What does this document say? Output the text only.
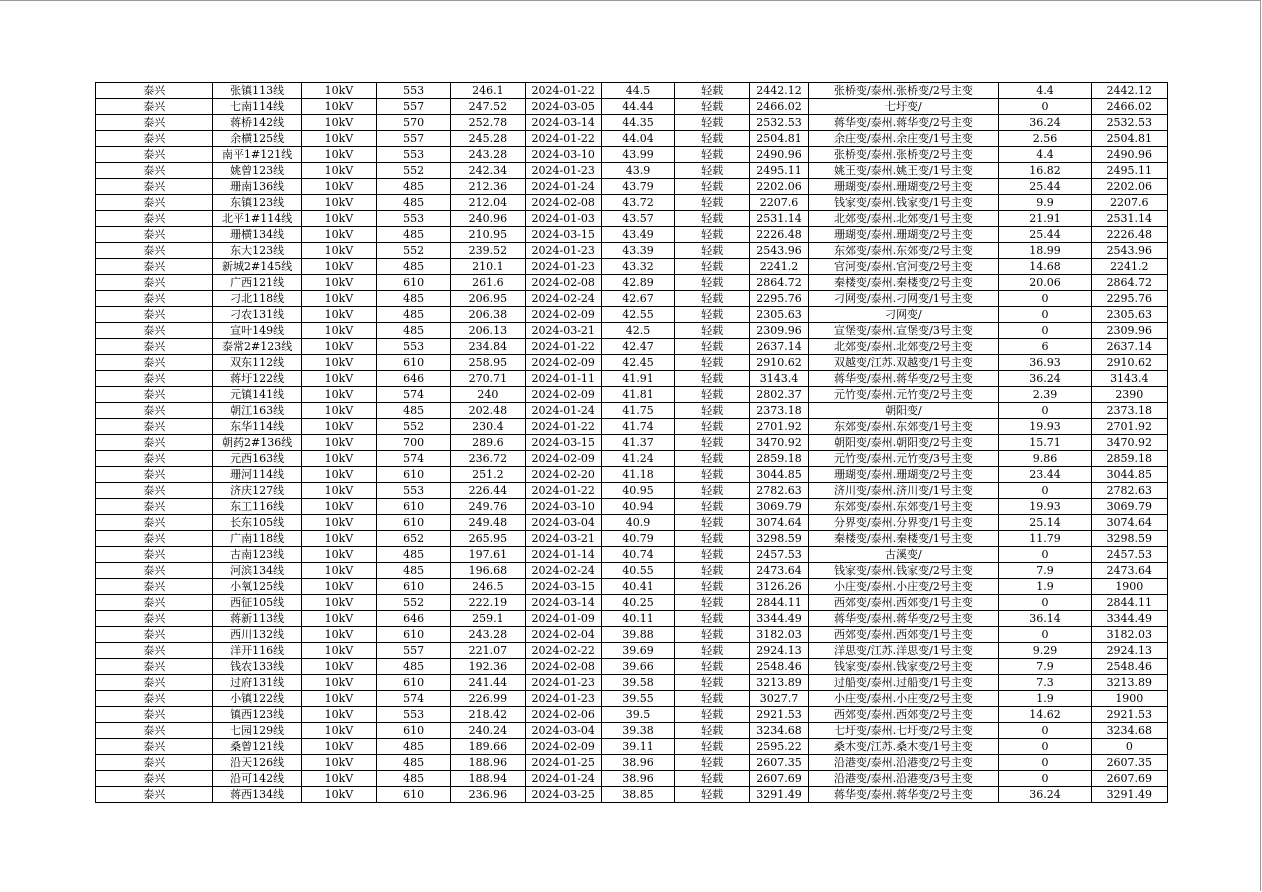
泰兴	张镇113线	10kV	553	246.1	2024-01-22	44.5	轻载	2442.12	张桥变/泰州.张桥变/2号主变	4.4	2442.12
泰兴	七南114线	10kV	557	247.52	2024-03-05	44.44	轻载	2466.02	七圩变/	0	2466.02
泰兴	蒋桥142线	10kV	570	252.78	2024-03-14	44.35	轻载	2532.53	蒋华变/泰州.蒋华变/2号主变	36.24	2532.53
泰兴	余横125线	10kV	557	245.28	2024-01-22	44.04	轻载	2504.81	余庄变/泰州.余庄变/1号主变	2.56	2504.81
泰兴	南平1#121线	10kV	553	243.28	2024-03-10	43.99	轻载	2490.96	张桥变/泰州.张桥变/2号主变	4.4	2490.96
泰兴	姚曾123线	10kV	552	242.34	2024-01-23	43.9	轻载	2495.11	姚王变/泰州.姚王变/1号主变	16.82	2495.11
泰兴	珊南136线	10kV	485	212.36	2024-01-24	43.79	轻载	2202.06	珊瑚变/泰州.珊瑚变/2号主变	25.44	2202.06
泰兴	东镇123线	10kV	485	212.04	2024-02-08	43.72	轻载	2207.6	钱家变/泰州.钱家变/1号主变	9.9	2207.6
泰兴	北平1#114线	10kV	553	240.96	2024-01-03	43.57	轻载	2531.14	北郊变/泰州.北郊变/1号主变	21.91	2531.14
泰兴	珊横134线	10kV	485	210.95	2024-03-15	43.49	轻载	2226.48	珊瑚变/泰州.珊瑚变/2号主变	25.44	2226.48
泰兴	东大123线	10kV	552	239.52	2024-01-23	43.39	轻载	2543.96	东郊变/泰州.东郊变/2号主变	18.99	2543.96
泰兴	新城2#145线	10kV	485	210.1	2024-01-23	43.32	轻载	2241.2	官河变/泰州.官河变/2号主变	14.68	2241.2
泰兴	广西121线	10kV	610	261.6	2024-02-08	42.89	轻载	2864.72	秦楼变/泰州.秦楼变/2号主变	20.06	2864.72
泰兴	刁北118线	10kV	485	206.95	2024-02-24	42.67	轻载	2295.76	刁网变/泰州.刁网变/1号主变	0	2295.76
泰兴	刁农131线	10kV	485	206.38	2024-02-09	42.55	轻载	2305.63	刁网变/	0	2305.63
泰兴	宣叶149线	10kV	485	206.13	2024-03-21	42.5	轻载	2309.96	宣堡变/泰州.宣堡变/3号主变	0	2309.96
泰兴	泰常2#123线	10kV	553	234.84	2024-01-22	42.47	轻载	2637.14	北郊变/泰州.北郊变/2号主变	6	2637.14
泰兴	双东112线	10kV	610	258.95	2024-02-09	42.45	轻载	2910.62	双越变/江苏.双越变/1号主变	36.93	2910.62
泰兴	蒋圩122线	10kV	646	270.71	2024-01-11	41.91	轻载	3143.4	蒋华变/泰州.蒋华变/2号主变	36.24	3143.4
泰兴	元镇141线	10kV	574	240	2024-02-09	41.81	轻载	2802.37	元竹变/泰州.元竹变/2号主变	2.39	2390
泰兴	朝江163线	10kV	485	202.48	2024-01-24	41.75	轻载	2373.18	朝阳变/	0	2373.18
泰兴	东华114线	10kV	552	230.4	2024-01-22	41.74	轻载	2701.92	东郊变/泰州.东郊变/1号主变	19.93	2701.92
泰兴	朝药2#136线	10kV	700	289.6	2024-03-15	41.37	轻载	3470.92	朝阳变/泰州.朝阳变/2号主变	15.71	3470.92
泰兴	元西163线	10kV	574	236.72	2024-02-09	41.24	轻载	2859.18	元竹变/泰州.元竹变/3号主变	9.86	2859.18
泰兴	珊河114线	10kV	610	251.2	2024-02-20	41.18	轻载	3044.85	珊瑚变/泰州.珊瑚变/2号主变	23.44	3044.85
泰兴	济庆127线	10kV	553	226.44	2024-01-22	40.95	轻载	2782.63	济川变/泰州.济川变/1号主变	0	2782.63
泰兴	东工116线	10kV	610	249.76	2024-03-10	40.94	轻载	3069.79	东郊变/泰州.东郊变/1号主变	19.93	3069.79
泰兴	长东105线	10kV	610	249.48	2024-03-04	40.9	轻载	3074.64	分界变/泰州.分界变/1号主变	25.14	3074.64
泰兴	广南118线	10kV	652	265.95	2024-03-21	40.79	轻载	3298.59	秦楼变/泰州.秦楼变/1号主变	11.79	3298.59
泰兴	古南123线	10kV	485	197.61	2024-01-14	40.74	轻载	2457.53	古溪变/	0	2457.53
泰兴	河滨134线	10kV	485	196.68	2024-02-24	40.55	轻载	2473.64	钱家变/泰州.钱家变/2号主变	7.9	2473.64
泰兴	小氧125线	10kV	610	246.5	2024-03-15	40.41	轻载	3126.26	小庄变/泰州.小庄变/2号主变	1.9	1900
泰兴	西征105线	10kV	552	222.19	2024-03-14	40.25	轻载	2844.11	西郊变/泰州.西郊变/1号主变	0	2844.11
泰兴	蒋新113线	10kV	646	259.1	2024-01-09	40.11	轻载	3344.49	蒋华变/泰州.蒋华变/2号主变	36.14	3344.49
泰兴	西川132线	10kV	610	243.28	2024-02-04	39.88	轻载	3182.03	西郊变/泰州.西郊变/1号主变	0	3182.03
泰兴	洋开116线	10kV	557	221.07	2024-02-22	39.69	轻载	2924.13	洋思变/江苏.洋思变/1号主变	9.29	2924.13
泰兴	钱农133线	10kV	485	192.36	2024-02-08	39.66	轻载	2548.46	钱家变/泰州.钱家变/2号主变	7.9	2548.46
泰兴	过府131线	10kV	610	241.44	2024-01-23	39.58	轻载	3213.89	过船变/泰州.过船变/1号主变	7.3	3213.89
泰兴	小镇122线	10kV	574	226.99	2024-01-23	39.55	轻载	3027.7	小庄变/泰州.小庄变/2号主变	1.9	1900
泰兴	镇西123线	10kV	553	218.42	2024-02-06	39.5	轻载	2921.53	西郊变/泰州.西郊变/2号主变	14.62	2921.53
泰兴	七园129线	10kV	610	240.24	2024-03-04	39.38	轻载	3234.68	七圩变/泰州.七圩变/2号主变	0	3234.68
泰兴	桑曾121线	10kV	485	189.66	2024-02-09	39.11	轻载	2595.22	桑木变/江苏.桑木变/1号主变	0	0
泰兴	沿天126线	10kV	485	188.96	2024-01-25	38.96	轻载	2607.35	沿港变/泰州.沿港变/2号主变	0	2607.35
泰兴	沿可142线	10kV	485	188.94	2024-01-24	38.96	轻载	2607.69	沿港变/泰州.沿港变/3号主变	0	2607.69
泰兴	蒋西134线	10kV	610	236.96	2024-03-25	38.85	轻载	3291.49	蒋华变/泰州.蒋华变/2号主变	36.24	3291.49
